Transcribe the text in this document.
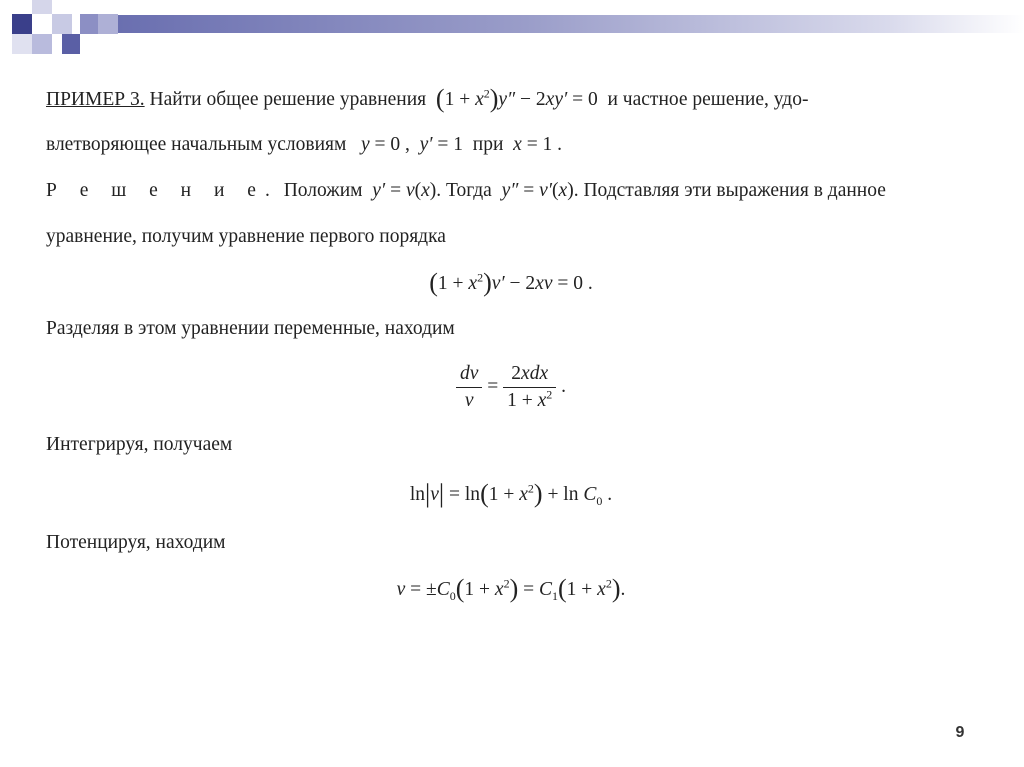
ПРИМЕР 3. Найти общее решение уравнения $(1 + x^2)y'' - 2xy' = 0$ и частное решение, удо-
влетворяющее начальным условиям y = 0 , y′ = 1  при x = 1 .
Р е ш е н и е. Положим y′ = v(x). Тогда y″ = v′(x). Подставляя эти выражения в данное
уравнение, получим уравнение первого порядка
$(1 + x^2)v' - 2xv = 0$ .
Разделяя в этом уравнении переменные, находим
$\frac{dv}{v} = \frac{\text{2xdx}}{1 + x^2}$ .
Интегрируя, получаем
$\ln|v| = \ln(1 + x^2) + \ln C_0$ .
Потенцируя, находим
$v = \pm C_0(1 + x^2) = C_1(1 + x^2)$.
9
